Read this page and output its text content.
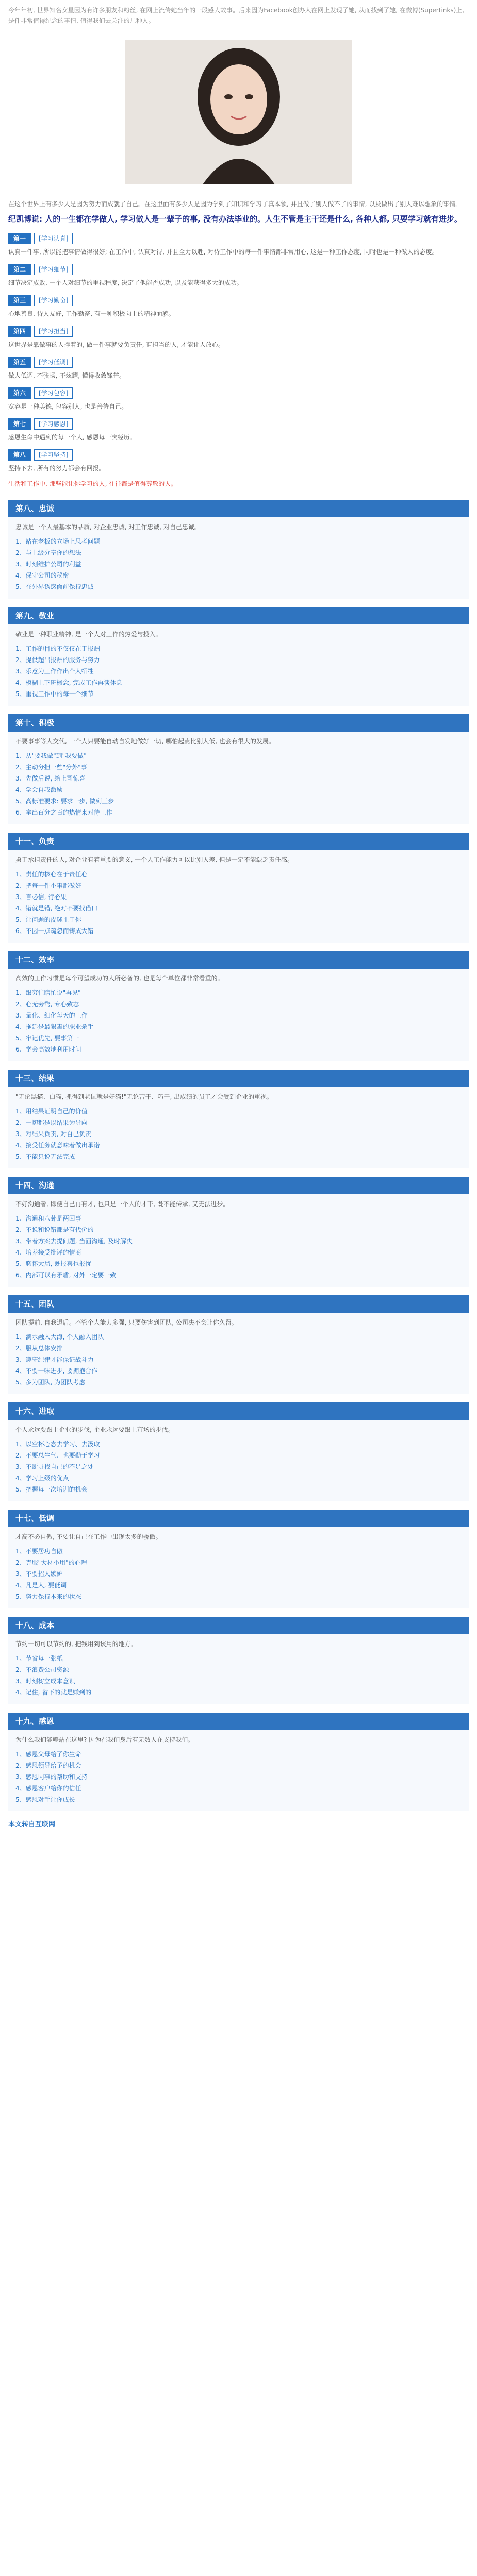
今年年初, 世界知名女星因为有许多朋友和粉丝, 在网上流传她当年的一段感人故事。后来因为Facebook创办人在网上发现了她, 从而找到了她, 在微博(Supertinks)上, 是件非常值得纪念的事情, 值得我们去关注的几种人。
在这个世界上有多少人是因为努力而成就了自己。在这里面有多少人是因为学到了知识和学习了真本领, 并且做了别人做不了的事情, 以及做出了别人难以想象的事情。
纪凯博说: 人的一生都在学做人, 学习做人是一辈子的事, 没有办法毕业的。人生不管是主干还是什么, 各种人都, 只要学习就有进步。
第一 [学习认真]
认真一件事, 所以能把事情做得很好; 在工作中, 认真对待, 并且全力以赴, 对待工作中的每一件事情都非常用心, 这是一种工作态度, 同时也是一种做人的态度。
第二 [学习细节]
细节决定成败, 一个人对细节的重视程度, 决定了他能否成功, 以及能获得多大的成功。
第三 [学习勤奋]
心地善良, 待人友好, 工作勤奋, 有一种积极向上的精神面貌。
第四 [学习担当]
这世界是靠做事的人撑着的, 做一件事就要负责任, 有担当的人, 才能让人放心。
第五 [学习低调]
做人低调, 不张扬, 不炫耀, 懂得收敛锋芒。
第六 [学习包容]
宽容是一种美德, 包容别人, 也是善待自己。
第七 [学习感恩]
感恩生命中遇到的每一个人, 感恩每一次经历。
第八 [学习坚持]
坚持下去, 所有的努力都会有回报。
生活和工作中, 那些能让你学习的人, 往往都是值得尊敬的人。
第八、忠诚
忠诚是一个人最基本的品质, 对企业忠诚, 对工作忠诚, 对自己忠诚。
1、站在老板的立场上思考问题
2、与上级分享你的想法
3、时刻维护公司的利益
4、保守公司的秘密
5、在外界诱惑面前保持忠诚
第九、敬业
敬业是一种职业精神, 是一个人对工作的热爱与投入。
1、工作的目的不仅仅在于报酬
2、提供超出报酬的服务与努力
3、乐意为工作作出个人牺牲
4、模糊上下班概念, 完成工作再谈休息
5、重视工作中的每一个细节
第十、积极
不要事事等人交代, 一个人只要能自动自发地做好一切, 哪怕起点比别人低, 也会有很大的发展。
1、从"要我做"到"我要做"
2、主动分担一些"分外"事
3、先做后说, 给上司惊喜
4、学会自我激励
5、高标准要求: 要求一步, 做到三步
6、拿出百分之百的热情来对待工作
十一、负责
勇于承担责任的人, 对企业有着重要的意义, 一个人工作能力可以比别人差, 但是一定不能缺乏责任感。
1、责任的核心在于责任心
2、把每一件小事都做好
3、言必信, 行必果
4、错就是错, 绝对不要找借口
5、让问题的皮球止于你
6、不因一点疏忽而铸成大错
十二、效率
高效的工作习惯是每个可望成功的人所必备的, 也是每个单位都非常看重的。
1、跟穷忙瞎忙说"再见"
2、心无旁骛, 专心致志
3、量化、细化每天的工作
4、拖延是最狠毒的职业杀手
5、牢记优先, 要事第一
6、学会高效地利用时间
十三、结果
"无论黑猫、白猫, 抓得到老鼠就是好猫!"无论苦干、巧干, 出成绩的员工才会受到企业的重视。
1、用结果证明自己的价值
2、一切都是以结果为导向
3、对结果负责, 对自己负责
4、接受任务就意味着做出承诺
5、不能只说无法完成
十四、沟通
不好沟通者, 即便自己再有才, 也只是一个人的才干, 既不能传承, 又无法进步。
1、沟通和八卦是两回事
2、不说和说错都是有代价的
3、带着方案去提问题, 当面沟通, 及时解决
4、培养接受批评的情商
5、胸怀大局, 既报喜也报忧
6、内部可以有矛盾, 对外一定要一致
十五、团队
团队提前, 自我退后。不管个人能力多强, 只要伤害到团队, 公司决不会让你久留。
1、滴水融入大海, 个人融入团队
2、服从总体安排
3、遵守纪律才能保证战斗力
4、不要一味进步, 要拥抱合作
5、多为团队, 为团队考虑
十六、进取
个人永远要跟上企业的步伐, 企业永远要跟上市场的步伐。
1、以空杯心态去学习、去汲取
2、不要总生气、也要勤于学习
3、不断寻找自己的不足之处
4、学习上级的优点
5、把握每一次培训的机会
十七、低调
才高不必自傲, 不要让自己在工作中出现太多的骄傲。
1、不要居功自傲
2、克服"大材小用"的心理
3、不要招人嫉妒
4、凡是人, 要低调
5、努力保持本来的状态
十八、成本
节约一切可以节约的, 把钱用到该用的地方。
1、节省每一张纸
2、不浪费公司资源
3、时刻树立成本意识
4、记住, 省下的就是赚到的
十九、感恩
为什么我们能够站在这里? 因为在我们身后有无数人在支持我们。
1、感恩父母给了你生命
2、感恩领导给予的机会
3、感恩同事的帮助和支持
4、感恩客户给你的信任
5、感恩对手让你成长
本文转自互联网
